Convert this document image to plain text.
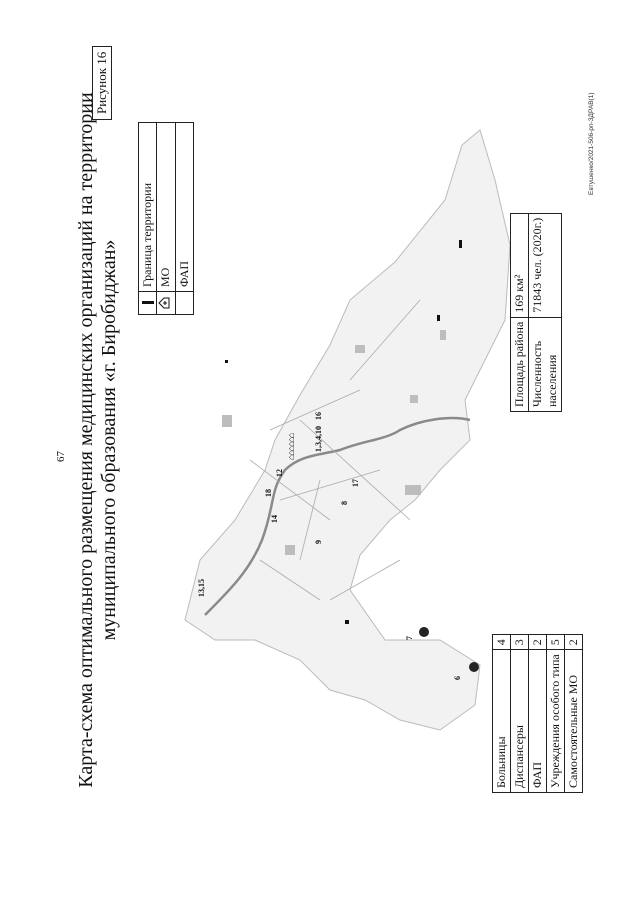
13,15
9
14
18
12
8
17
1,3,4,10
16
7
6
⌂⌂⌂⌂⌂⌂
67 Карта-схема оптимального размещения медицинских организаций на территории муниципального образования «г. Биробиджан»
Рисунок 16
	Граница территории
	МО
	ФАП
Больницы	4
Диспансеры	3
ФАП	2
Учреждения особого типа	5
Самостоятельные МО	2
Площадь района	169 км²

Численность населения	71843 чел. (2020г.)
Евтушенко/2021-506-рп-ЗДРАВ(1)
